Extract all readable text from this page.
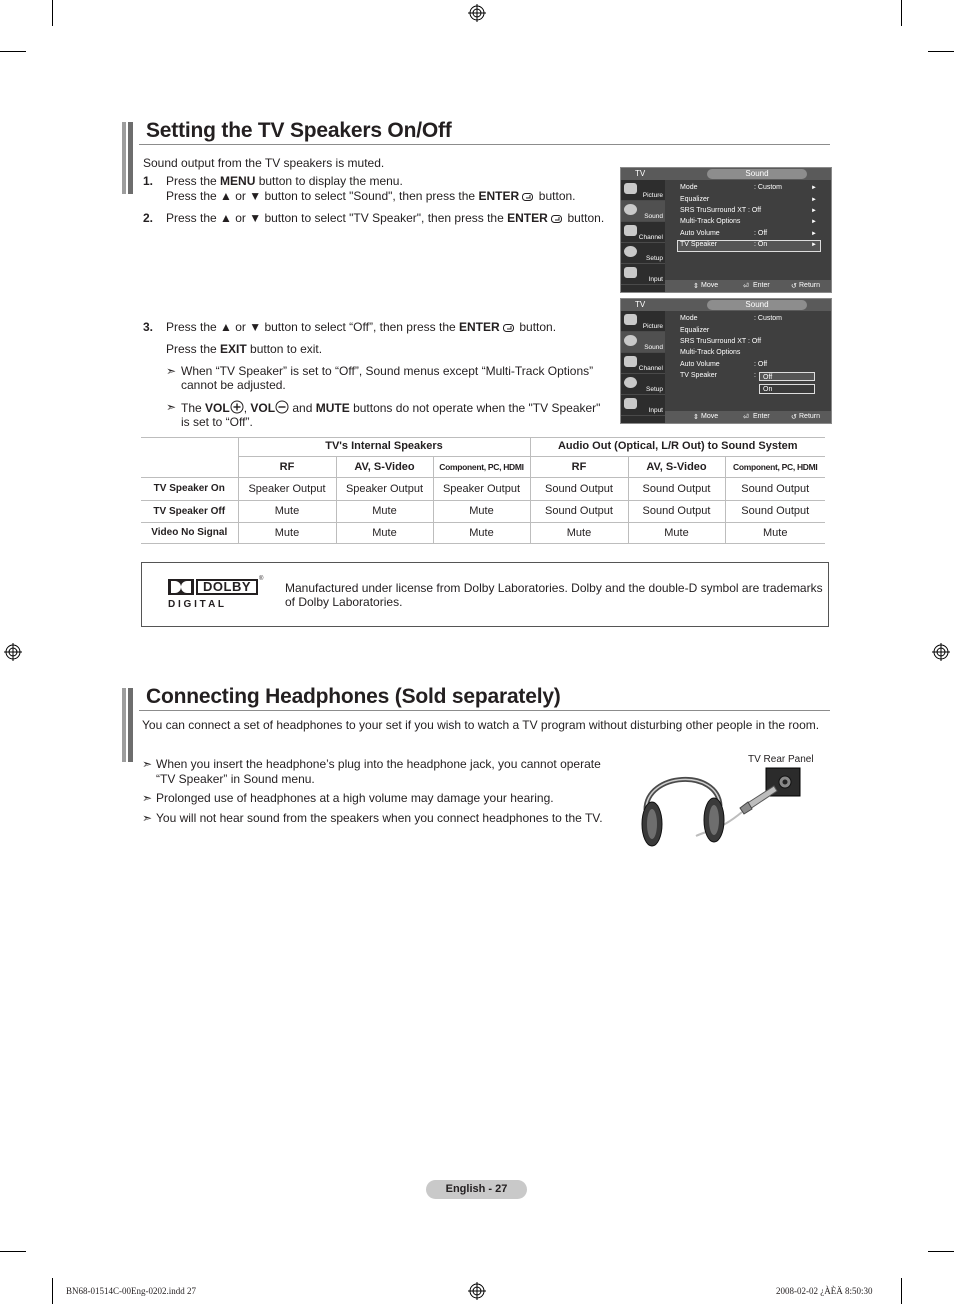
Setting the TV Speakers On/Off
Sound output from the TV speakers is muted.
1. Press the MENU button to display the menu.
Press the ▲ or ▼ button to select "Sound", then press the ENTER  button.
2. Press the ▲ or ▼ button to select "TV Speaker", then press the ENTER  button.
3. Press the ▲ or ▼ button to select “Off”, then press the ENTER  button.
Press the EXIT button to exit.
➣ When “TV Speaker” is set to “Off”, Sound menus except “Multi-Track Options”
cannot be adjusted.
➣ The VOL , VOL and MUTE buttons do not operate when the "TV Speaker"
is set to “Off”.
TV	Sound
Picture
Sound
Channel
Setup
Input
Mode	: Custom	►
Equalizer	►
SRS TruSurround XT : Off	►
Multi-Track Options	►
Auto Volume	: Off	►
TV Speaker	: On	►
⇕ Move	⏎ Enter	↺ Return
TV	Sound
Picture
Sound
Channel
Setup
Input
Mode	: Custom
Equalizer
SRS TruSurround XT : Off
Multi-Track Options
Auto Volume	: Off
TV Speaker	:	Off
On
⇕ Move	⏎ Enter	↺ Return
	TV's Internal Speakers			Audio Out (Optical, L/R Out) to Sound System		
	RF	AV, S-Video	Component, PC, HDMI	RF	AV, S-Video	Component, PC, HDMI
TV Speaker On	Speaker Output	Speaker Output	Speaker Output	Sound Output	Sound Output	Sound Output
TV Speaker Off	Mute	Mute	Mute	Sound Output	Sound Output	Sound Output
Video No Signal	Mute	Mute	Mute	Mute	Mute	Mute
DOLBY	®
D I G I T A L
Manufactured under license from Dolby Laboratories. Dolby and the double-D symbol are trademarks
of Dolby Laboratories.
Connecting Headphones (Sold separately)
You can connect a set of headphones to your set if you wish to watch a TV program without disturbing other people in the room.
➣ When you insert the headphone’s plug into the headphone jack, you cannot operate
“TV Speaker” in Sound menu.
➣ Prolonged use of headphones at a high volume may damage your hearing.
➣ You will not hear sound from the speakers when you connect headphones to the TV.
TV Rear Panel
English - 27
BN68-01514C-00Eng-0202.indd 27	2008-02-02 ¿ÀÈÄ 8:50:30
